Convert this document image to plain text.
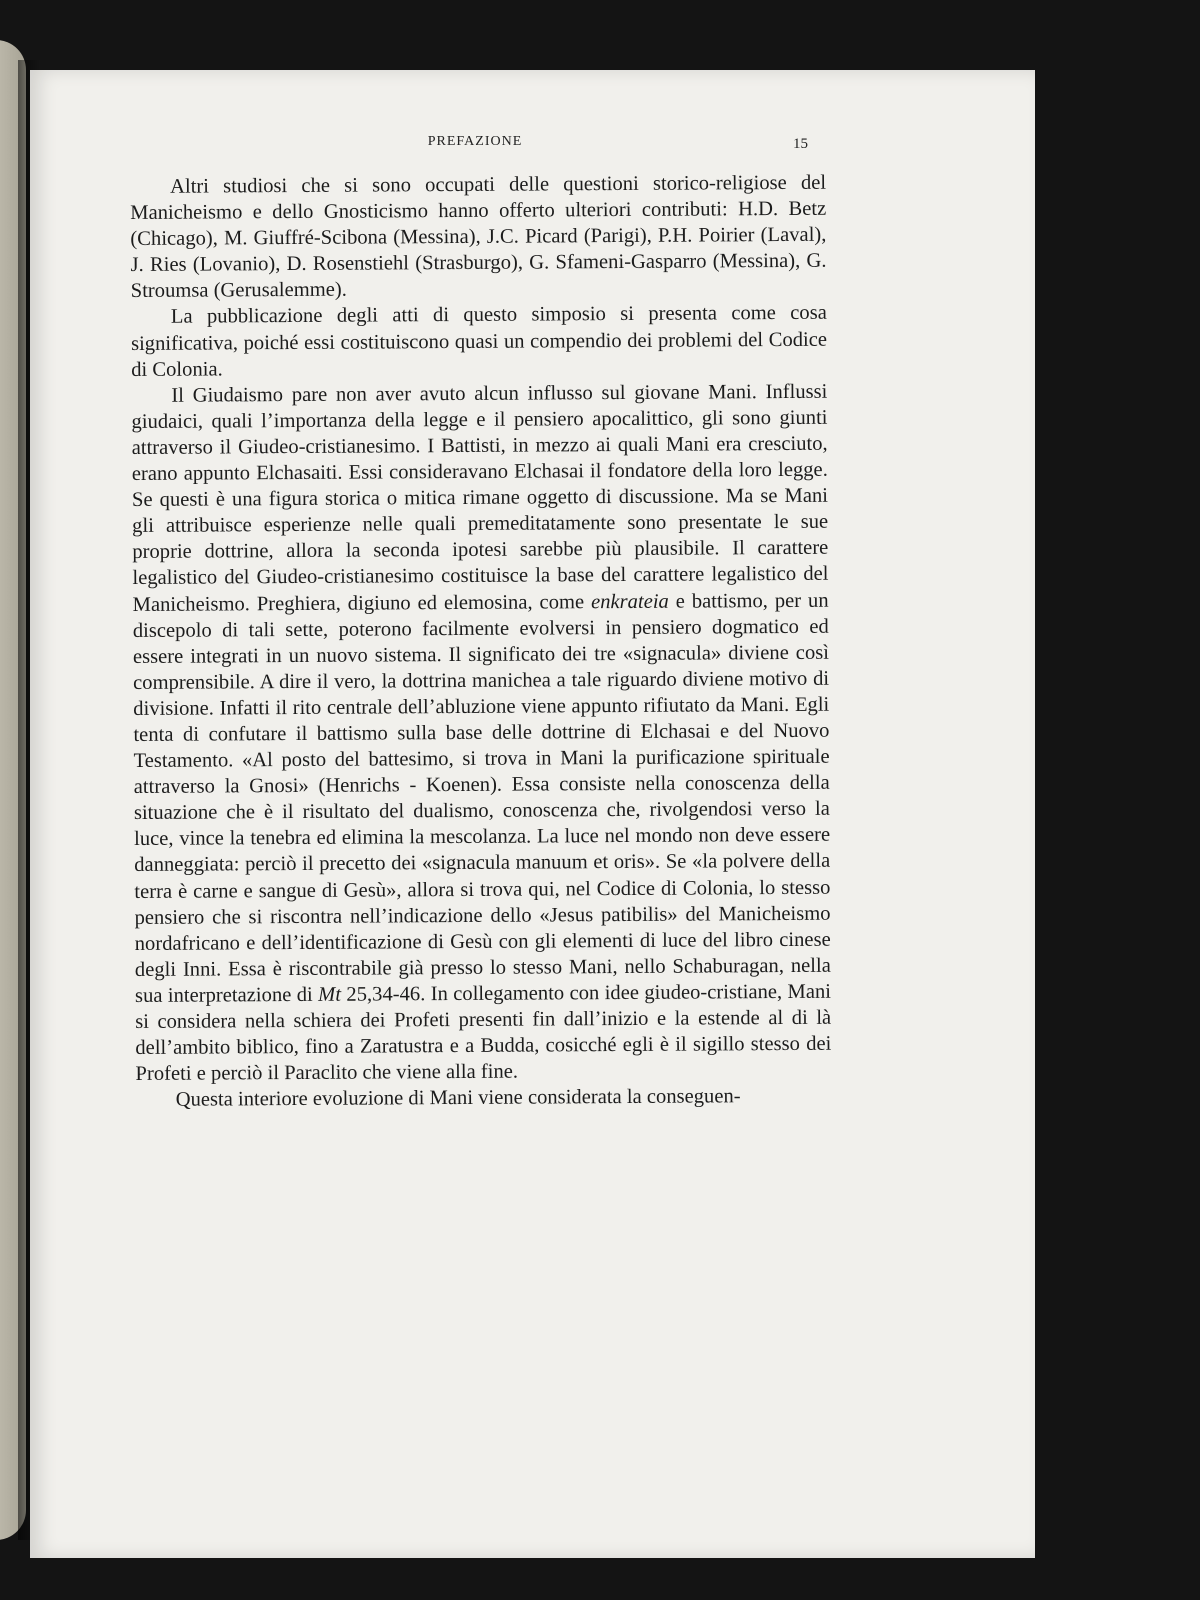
PREFAZIONE	15

Altri studiosi che si sono occupati delle questioni storico-religiose del Manicheismo e dello Gnosticismo hanno offerto ulteriori contributi: H.D. Betz (Chicago), M. Giuffré-Scibona (Messina), J.C. Picard (Parigi), P.H. Poirier (Laval), J. Ries (Lovanio), D. Rosenstiehl (Strasburgo), G. Sfameni-Gasparro (Messina), G. Stroumsa (Gerusalemme).

La pubblicazione degli atti di questo simposio si presenta come cosa significativa, poiché essi costituiscono quasi un compendio dei problemi del Codice di Colonia.

Il Giudaismo pare non aver avuto alcun influsso sul giovane Mani. Influssi giudaici, quali l’importanza della legge e il pensiero apocalittico, gli sono giunti attraverso il Giudeo-cristianesimo. I Battisti, in mezzo ai quali Mani era cresciuto, erano appunto Elchasaiti. Essi consideravano Elchasai il fondatore della loro legge. Se questi è una figura storica o mitica rimane oggetto di discussione. Ma se Mani gli attribuisce esperienze nelle quali premeditatamente sono presentate le sue proprie dottrine, allora la seconda ipotesi sarebbe più plausibile. Il carattere legalistico del Giudeo-cristianesimo costituisce la base del carattere legalistico del Manicheismo. Preghiera, digiuno ed elemosina, come enkrateia e battismo, per un discepolo di tali sette, poterono facilmente evolversi in pensiero dogmatico ed essere integrati in un nuovo sistema. Il significato dei tre «signacula» diviene così comprensibile. A dire il vero, la dottrina manichea a tale riguardo diviene motivo di divisione. Infatti il rito centrale dell’abluzione viene appunto rifiutato da Mani. Egli tenta di confutare il battismo sulla base delle dottrine di Elchasai e del Nuovo Testamento. «Al posto del battesimo, si trova in Mani la purificazione spirituale attraverso la Gnosi» (Henrichs - Koenen). Essa consiste nella conoscenza della situazione che è il risultato del dualismo, conoscenza che, rivolgendosi verso la luce, vince la tenebra ed elimina la mescolanza. La luce nel mondo non deve essere danneggiata: perciò il precetto dei «signacula manuum et oris». Se «la polvere della terra è carne e sangue di Gesù», allora si trova qui, nel Codice di Colonia, lo stesso pensiero che si riscontra nell’indicazione dello «Jesus patibilis» del Manicheismo nordafricano e dell’identificazione di Gesù con gli elementi di luce del libro cinese degli Inni. Essa è riscontrabile già presso lo stesso Mani, nello Schaburagan, nella sua interpretazione di Mt 25,34-46. In collegamento con idee giudeo-cristiane, Mani si considera nella schiera dei Profeti presenti fin dall’inizio e la estende al di là dell’ambito biblico, fino a Zaratustra e a Budda, cosicché egli è il sigillo stesso dei Profeti e perciò il Paraclito che viene alla fine.

Questa interiore evoluzione di Mani viene considerata la conseguen-
